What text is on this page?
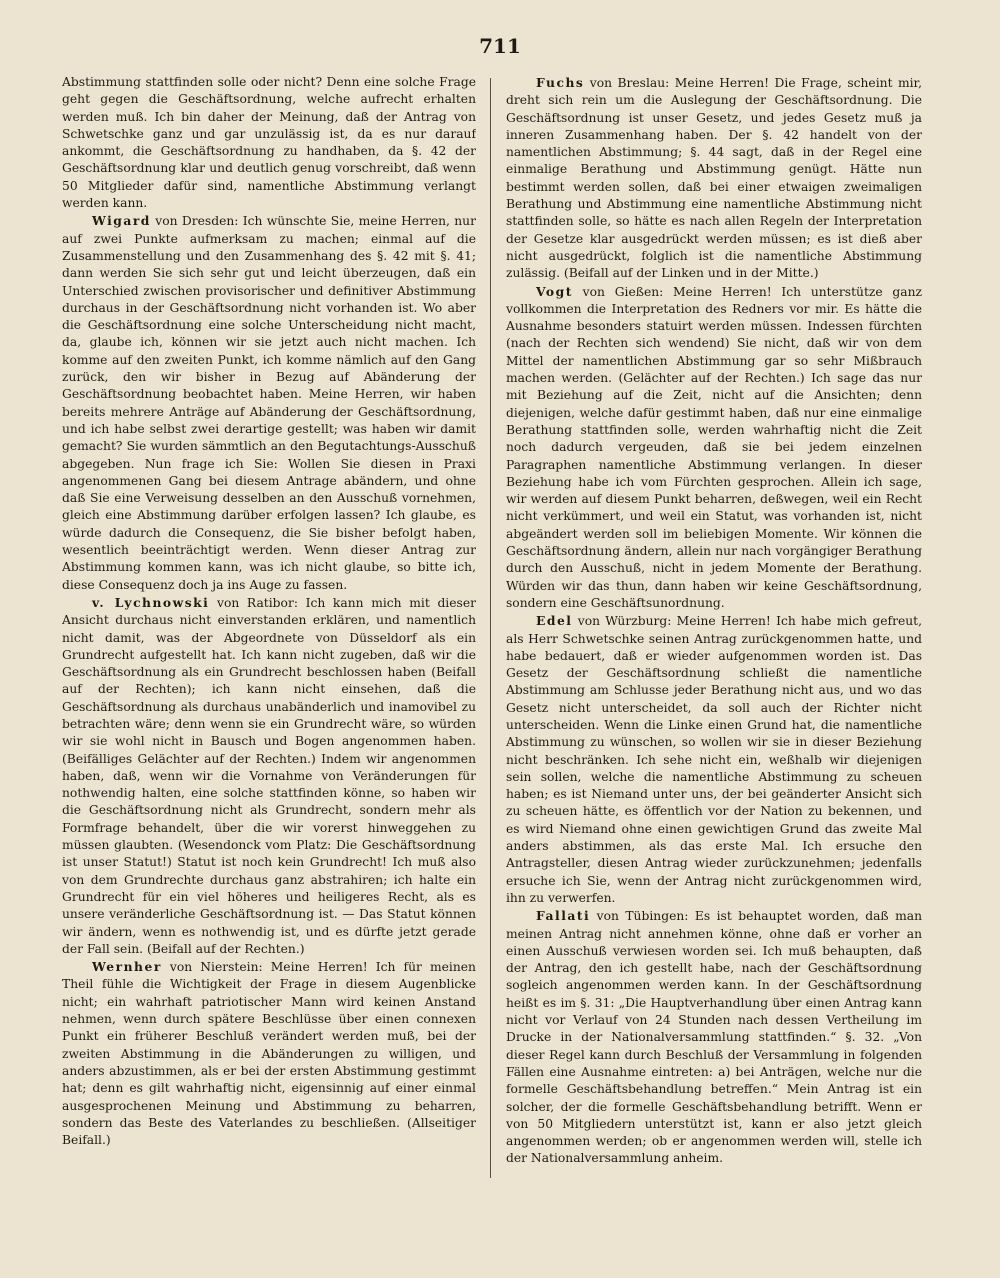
711

Abstimmung stattfinden solle oder nicht? Denn eine solche Frage geht gegen die Geschäftsordnung, welche aufrecht erhalten werden muß. Ich bin daher der Meinung, daß der Antrag von Schwetschke ganz und gar unzulässig ist, da es nur darauf ankommt, die Geschäftsordnung zu handhaben, da §. 42 der Geschäftsordnung klar und deutlich genug vorschreibt, daß wenn 50 Mitglieder dafür sind, namentliche Abstimmung verlangt werden kann.

Wigard von Dresden: Ich wünschte Sie, meine Herren, nur auf zwei Punkte aufmerksam zu machen; einmal auf die Zusammenstellung und den Zusammenhang des §. 42 mit §. 41; dann werden Sie sich sehr gut und leicht überzeugen, daß ein Unterschied zwischen provisorischer und definitiver Abstimmung durchaus in der Geschäftsordnung nicht vorhanden ist. Wo aber die Geschäftsordnung eine solche Unterscheidung nicht macht, da, glaube ich, können wir sie jetzt auch nicht machen. Ich komme auf den zweiten Punkt, ich komme nämlich auf den Gang zurück, den wir bisher in Bezug auf Abänderung der Geschäftsordnung beobachtet haben. Meine Herren, wir haben bereits mehrere Anträge auf Abänderung der Geschäftsordnung, und ich habe selbst zwei derartige gestellt; was haben wir damit gemacht? Sie wurden sämmtlich an den Begutachtungs-Ausschuß abgegeben. Nun frage ich Sie: Wollen Sie diesen in Praxi angenommenen Gang bei diesem Antrage abändern, und ohne daß Sie eine Verweisung desselben an den Ausschuß vornehmen, gleich eine Abstimmung darüber erfolgen lassen? Ich glaube, es würde dadurch die Consequenz, die Sie bisher befolgt haben, wesentlich beeinträchtigt werden. Wenn dieser Antrag zur Abstimmung kommen kann, was ich nicht glaube, so bitte ich, diese Consequenz doch ja ins Auge zu fassen.

v. Lychnowski von Ratibor: Ich kann mich mit dieser Ansicht durchaus nicht einverstanden erklären, und namentlich nicht damit, was der Abgeordnete von Düsseldorf als ein Grundrecht aufgestellt hat. Ich kann nicht zugeben, daß wir die Geschäftsordnung als ein Grundrecht beschlossen haben (Beifall auf der Rechten); ich kann nicht einsehen, daß die Geschäftsordnung als durchaus unabänderlich und inamovibel zu betrachten wäre; denn wenn sie ein Grundrecht wäre, so würden wir sie wohl nicht in Bausch und Bogen angenommen haben. (Beifälliges Gelächter auf der Rechten.) Indem wir angenommen haben, daß, wenn wir die Vornahme von Veränderungen für nothwendig halten, eine solche stattfinden könne, so haben wir die Geschäftsordnung nicht als Grundrecht, sondern mehr als Formfrage behandelt, über die wir vorerst hinweggehen zu müssen glaubten. (Wesendonck vom Platz: Die Geschäftsordnung ist unser Statut!) Statut ist noch kein Grundrecht! Ich muß also von dem Grundrechte durchaus ganz abstrahiren; ich halte ein Grundrecht für ein viel höheres und heiligeres Recht, als es unsere veränderliche Geschäftsordnung ist. — Das Statut können wir ändern, wenn es nothwendig ist, und es dürfte jetzt gerade der Fall sein. (Beifall auf der Rechten.)

Wernher von Nierstein: Meine Herren! Ich für meinen Theil fühle die Wichtigkeit der Frage in diesem Augenblicke nicht; ein wahrhaft patriotischer Mann wird keinen Anstand nehmen, wenn durch spätere Beschlüsse über einen connexen Punkt ein früherer Beschluß verändert werden muß, bei der zweiten Abstimmung in die Abänderungen zu willigen, und anders abzustimmen, als er bei der ersten Abstimmung gestimmt hat; denn es gilt wahrhaftig nicht, eigensinnig auf einer einmal ausgesprochenen Meinung und Abstimmung zu beharren, sondern das Beste des Vaterlandes zu beschließen. (Allseitiger Beifall.)

Fuchs von Breslau: Meine Herren! Die Frage, scheint mir, dreht sich rein um die Auslegung der Geschäftsordnung. Die Geschäftsordnung ist unser Gesetz, und jedes Gesetz muß ja inneren Zusammenhang haben. Der §. 42 handelt von der namentlichen Abstimmung; §. 44 sagt, daß in der Regel eine einmalige Berathung und Abstimmung genügt. Hätte nun bestimmt werden sollen, daß bei einer etwaigen zweimaligen Berathung und Abstimmung eine namentliche Abstimmung nicht stattfinden solle, so hätte es nach allen Regeln der Interpretation der Gesetze klar ausgedrückt werden müssen; es ist dieß aber nicht ausgedrückt, folglich ist die namentliche Abstimmung zulässig. (Beifall auf der Linken und in der Mitte.)

Vogt von Gießen: Meine Herren! Ich unterstütze ganz vollkommen die Interpretation des Redners vor mir. Es hätte die Ausnahme besonders statuirt werden müssen. Indessen fürchten (nach der Rechten sich wendend) Sie nicht, daß wir von dem Mittel der namentlichen Abstimmung gar so sehr Mißbrauch machen werden. (Gelächter auf der Rechten.) Ich sage das nur mit Beziehung auf die Zeit, nicht auf die Ansichten; denn diejenigen, welche dafür gestimmt haben, daß nur eine einmalige Berathung stattfinden solle, werden wahrhaftig nicht die Zeit noch dadurch vergeuden, daß sie bei jedem einzelnen Paragraphen namentliche Abstimmung verlangen. In dieser Beziehung habe ich vom Fürchten gesprochen. Allein ich sage, wir werden auf diesem Punkt beharren, deßwegen, weil ein Recht nicht verkümmert, und weil ein Statut, was vorhanden ist, nicht abgeändert werden soll im beliebigen Momente. Wir können die Geschäftsordnung ändern, allein nur nach vorgängiger Berathung durch den Ausschuß, nicht in jedem Momente der Berathung. Würden wir das thun, dann haben wir keine Geschäftsordnung, sondern eine Geschäftsunordnung.

Edel von Würzburg: Meine Herren! Ich habe mich gefreut, als Herr Schwetschke seinen Antrag zurückgenommen hatte, und habe bedauert, daß er wieder aufgenommen worden ist. Das Gesetz der Geschäftsordnung schließt die namentliche Abstimmung am Schlusse jeder Berathung nicht aus, und wo das Gesetz nicht unterscheidet, da soll auch der Richter nicht unterscheiden. Wenn die Linke einen Grund hat, die namentliche Abstimmung zu wünschen, so wollen wir sie in dieser Beziehung nicht beschränken. Ich sehe nicht ein, weßhalb wir diejenigen sein sollen, welche die namentliche Abstimmung zu scheuen haben; es ist Niemand unter uns, der bei geänderter Ansicht sich zu scheuen hätte, es öffentlich vor der Nation zu bekennen, und es wird Niemand ohne einen gewichtigen Grund das zweite Mal anders abstimmen, als das erste Mal. Ich ersuche den Antragsteller, diesen Antrag wieder zurückzunehmen; jedenfalls ersuche ich Sie, wenn der Antrag nicht zurückgenommen wird, ihn zu verwerfen.

Fallati von Tübingen: Es ist behauptet worden, daß man meinen Antrag nicht annehmen könne, ohne daß er vorher an einen Ausschuß verwiesen worden sei. Ich muß behaupten, daß der Antrag, den ich gestellt habe, nach der Geschäftsordnung sogleich angenommen werden kann. In der Geschäftsordnung heißt es im §. 31: „Die Hauptverhandlung über einen Antrag kann nicht vor Verlauf von 24 Stunden nach dessen Vertheilung im Drucke in der Nationalversammlung stattfinden.“ §. 32. „Von dieser Regel kann durch Beschluß der Versammlung in folgenden Fällen eine Ausnahme eintreten: a) bei Anträgen, welche nur die formelle Geschäftsbehandlung betreffen.“ Mein Antrag ist ein solcher, der die formelle Geschäftsbehandlung betrifft. Wenn er von 50 Mitgliedern unterstützt ist, kann er also jetzt gleich angenommen werden; ob er angenommen werden will, stelle ich der Nationalversammlung anheim.
